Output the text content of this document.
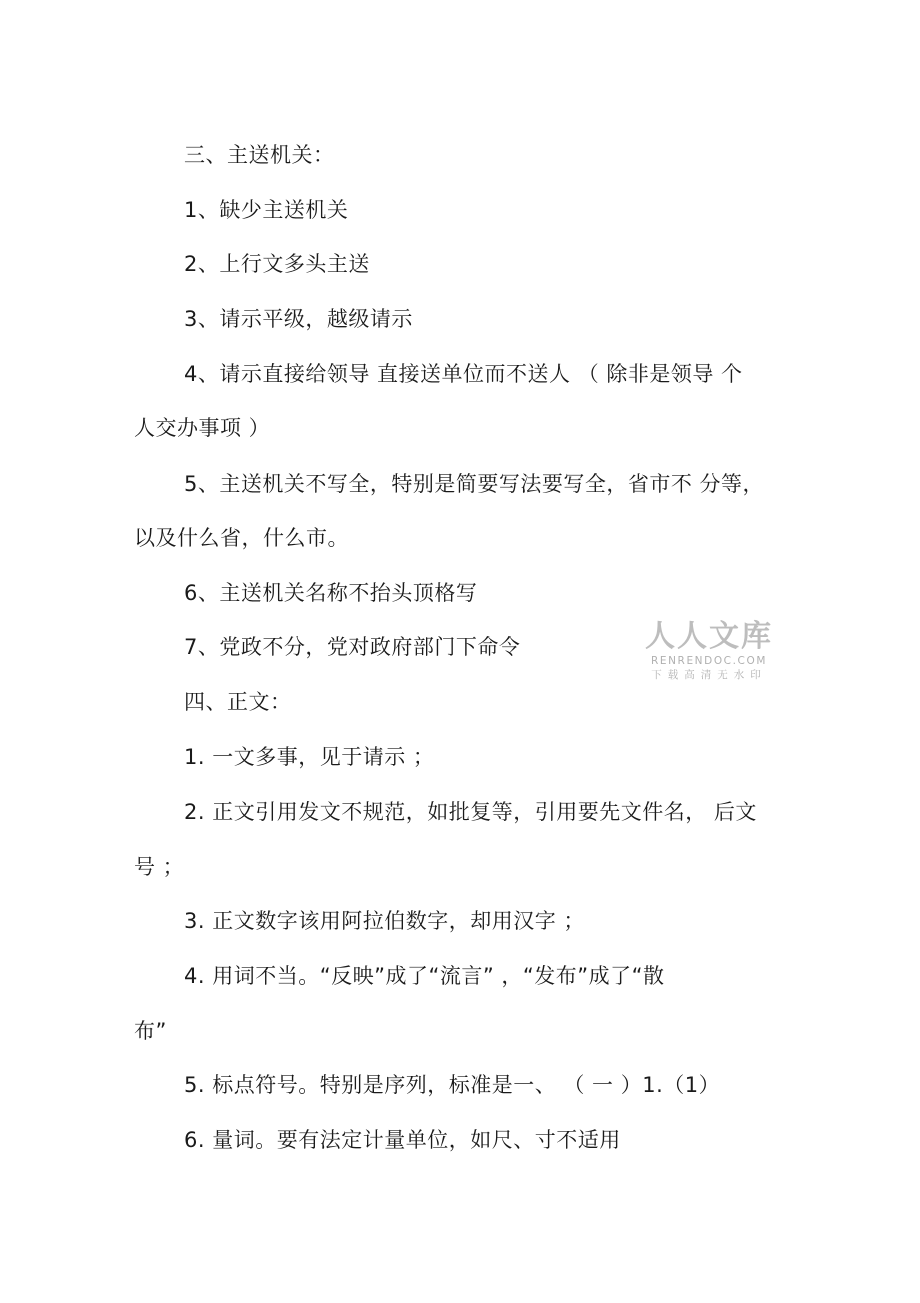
三、主送机关：
1、缺少主送机关
2、上行文多头主送
3、请示平级，越级请示
4、请示直接给领导 直接送单位而不送人 （ 除非是领导 个
人交办事项 ）
5、主送机关不写全，特别是简要写法要写全，省市不 分等，
以及什么省，什么市。
6、主送机关名称不抬头顶格写
7、党政不分，党对政府部门下命令
四、正文：
1. 一文多事，见于请示 ；
2. 正文引用发文不规范，如批复等，引用要先文件名， 后文
号 ；
3. 正文数字该用阿拉伯数字，却用汉字 ；
4. 用词不当。“反映”成了“流言” ，“发布”成了“散
布”
5. 标点符号。特别是序列，标准是一、 （ 一 ）1.（1）
6. 量词。要有法定计量单位，如尺、寸不适用
人人文库
RENRENDOC.COM
下载高清无水印
